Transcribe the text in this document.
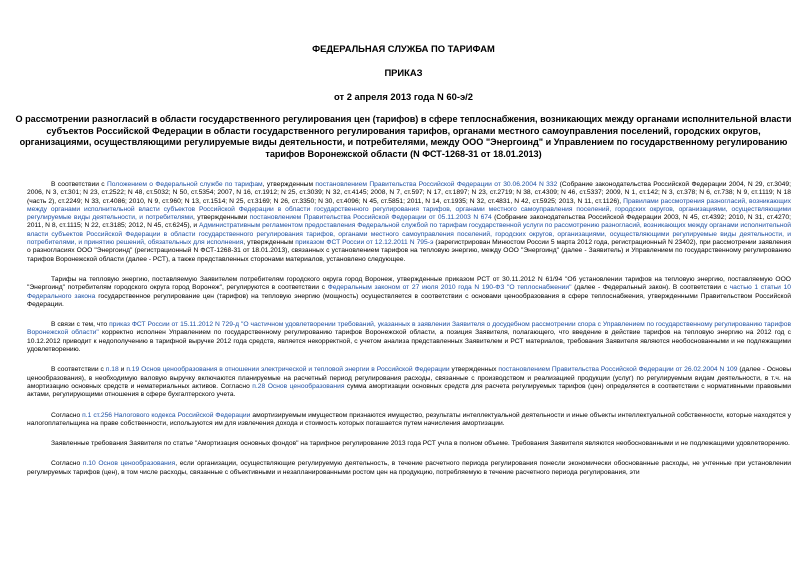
ФЕДЕРАЛЬНАЯ СЛУЖБА ПО ТАРИФАМ

ПРИКАЗ

от 2 апреля 2013 года N 60-э/2

О рассмотрении разногласий в области государственного регулирования цен (тарифов) в сфере теплоснабжения, возникающих между органами исполнительной власти субъектов Российской Федерации в области государственного регулирования тарифов, органами местного самоуправления поселений, городских округов, организациями, осуществляющими регулируемые виды деятельности, и потребителями, между ООО "Энергоинд" и Управлением по государственному регулированию тарифов Воронежской области (N ФСТ-1268-31 от 18.01.2013)

В соответствии с Положением о Федеральной службе по тарифам, утвержденным постановлением Правительства Российской Федерации от 30.06.2004 N 332 (Собрание законодательства Российской Федерации 2004, N 29, ст.3049; 2006, N 3, ст.301; N 23, ст.2522; N 48, ст.5032; N 50, ст.5354; 2007, N 16, ст.1912; N 25, ст.3039; N 32, ст.4145; 2008, N 7, ст.597; N 17, ст.1897; N 23, ст.2719; N 38, ст.4309; N 46, ст.5337; 2009, N 1, ст.142; N 3, ст.378; N 6, ст.738; N 9, ст.1119; N 18 (часть 2), ст.2249; N 33, ст.4086; 2010, N 9, ст.960; N 13, ст.1514; N 25, ст.3169; N 26, ст.3350; N 30, ст.4096; N 45, ст.5851; 2011, N 14, ст.1935; N 32, ст.4831, N 42, ст.5925; 2013, N 11, ст.1126), Правилами рассмотрения разногласий, возникающих между органами исполнительной власти субъектов Российской Федерации в области государственного регулирования тарифов, органами местного самоуправления поселений, городских округов, организациями, осуществляющими регулируемые виды деятельности, и потребителями, утвержденными постановлением Правительства Российской Федерации от 05.11.2003 N 674 (Собрание законодательства Российской Федерации 2003, N 45, ст.4392; 2010, N 31, ст.4270; 2011, N 8, ст.1115; N 22, ст.3185; 2012, N 45, ст.6245), и Административным регламентом предоставления Федеральной службой по тарифам государственной услуги по рассмотрению разногласий, возникающих между органами исполнительной власти субъектов Российской Федерации в области государственного регулирования тарифов, органами местного самоуправления поселений, городских округов, организациями, осуществляющими регулируемые виды деятельности, и потребителями, и принятию решений, обязательных для исполнения, утвержденным приказом ФСТ России от 12.12.2011 N 795-э (зарегистрирован Минюстом России 5 марта 2012 года, регистрационный N 23402), при рассмотрении заявления о разногласиях ООО "Энергоинд" (регистрационный N ФСТ-1268-31 от 18.01.2013), связанных с установлением тарифов на тепловую энергию, между ООО "Энергоинд" (далее - Заявитель) и Управлением по государственному регулированию тарифов Воронежской области (далее - РСТ), а также представленных сторонами материалов, установлено следующее.

Тарифы на тепловую энергию, поставляемую Заявителем потребителям городского округа город Воронеж, утвержденные приказом РСТ от 30.11.2012 N 61/94 "Об установлении тарифов на тепловую энергию, поставляемую ООО "Энергоинд" потребителям городского округа город Воронеж", регулируются в соответствии с Федеральным законом от 27 июля 2010 года N 190-ФЗ "О теплоснабжении" (далее - Федеральный закон). В соответствии с частью 1 статьи 10 Федерального закона государственное регулирование цен (тарифов) на тепловую энергию (мощность) осуществляется в соответствии с основами ценообразования в сфере теплоснабжения, утвержденными Правительством Российской Федерации.

В связи с тем, что приказ ФСТ России от 15.11.2012 N 729-д "О частичном удовлетворении требований, указанных в заявлении Заявителя о досудебном рассмотрении спора с Управлением по государственному регулированию тарифов Воронежской области" корректно исполнен Управлением по государственному регулированию тарифов Воронежской области, а позиция Заявителя, полагающего, что введение в действие тарифов на тепловую энергию на 2012 год с 10.12.2012 приводит к недополучению в тарифной выручке 2012 года средств, является некорректной, с учетом анализа представленных Заявителем и РСТ материалов, требования Заявителя являются необоснованными и не подлежащими удовлетворению.

В соответствии с п.18 и п.19 Основ ценообразования в отношении электрической и тепловой энергии в Российской Федерации утвержденных постановлением Правительства Российской Федерации от 26.02.2004 N 109 (далее - Основы ценообразования), в необходимую валовую выручку включаются планируемые на расчетный период регулирования расходы, связанные с производством и реализацией продукции (услуг) по регулируемым видам деятельности, в т.ч. на амортизацию основных средств и нематериальных активов. Согласно п.28 Основ ценообразования сумма амортизации основных средств для расчета регулируемых тарифов (цен) определяется в соответствии с нормативными правовыми актами, регулирующими отношения в сфере бухгалтерского учета.

Согласно п.1 ст.256 Налогового кодекса Российской Федерации амортизируемым имуществом признаются имущество, результаты интеллектуальной деятельности и иные объекты интеллектуальной собственности, которые находятся у налогоплательщика на праве собственности, используются им для извлечения дохода и стоимость которых погашается путем начисления амортизации.

Заявленные требования Заявителя по статье "Амортизация основных фондов" на тарифное регулирование 2013 года РСТ учла в полном объеме. Требования Заявителя являются необоснованными и не подлежащими удовлетворению.

Согласно п.10 Основ ценообразования, если организации, осуществляющие регулируемую деятельность, в течение расчетного периода регулирования понесли экономически обоснованные расходы, не учтенные при установлении регулируемых тарифов (цен), в том числе расходы, связанные с объективными и незапланированными ростом цен на продукцию, потребляемую в течение расчетного периода регулирования, эти
